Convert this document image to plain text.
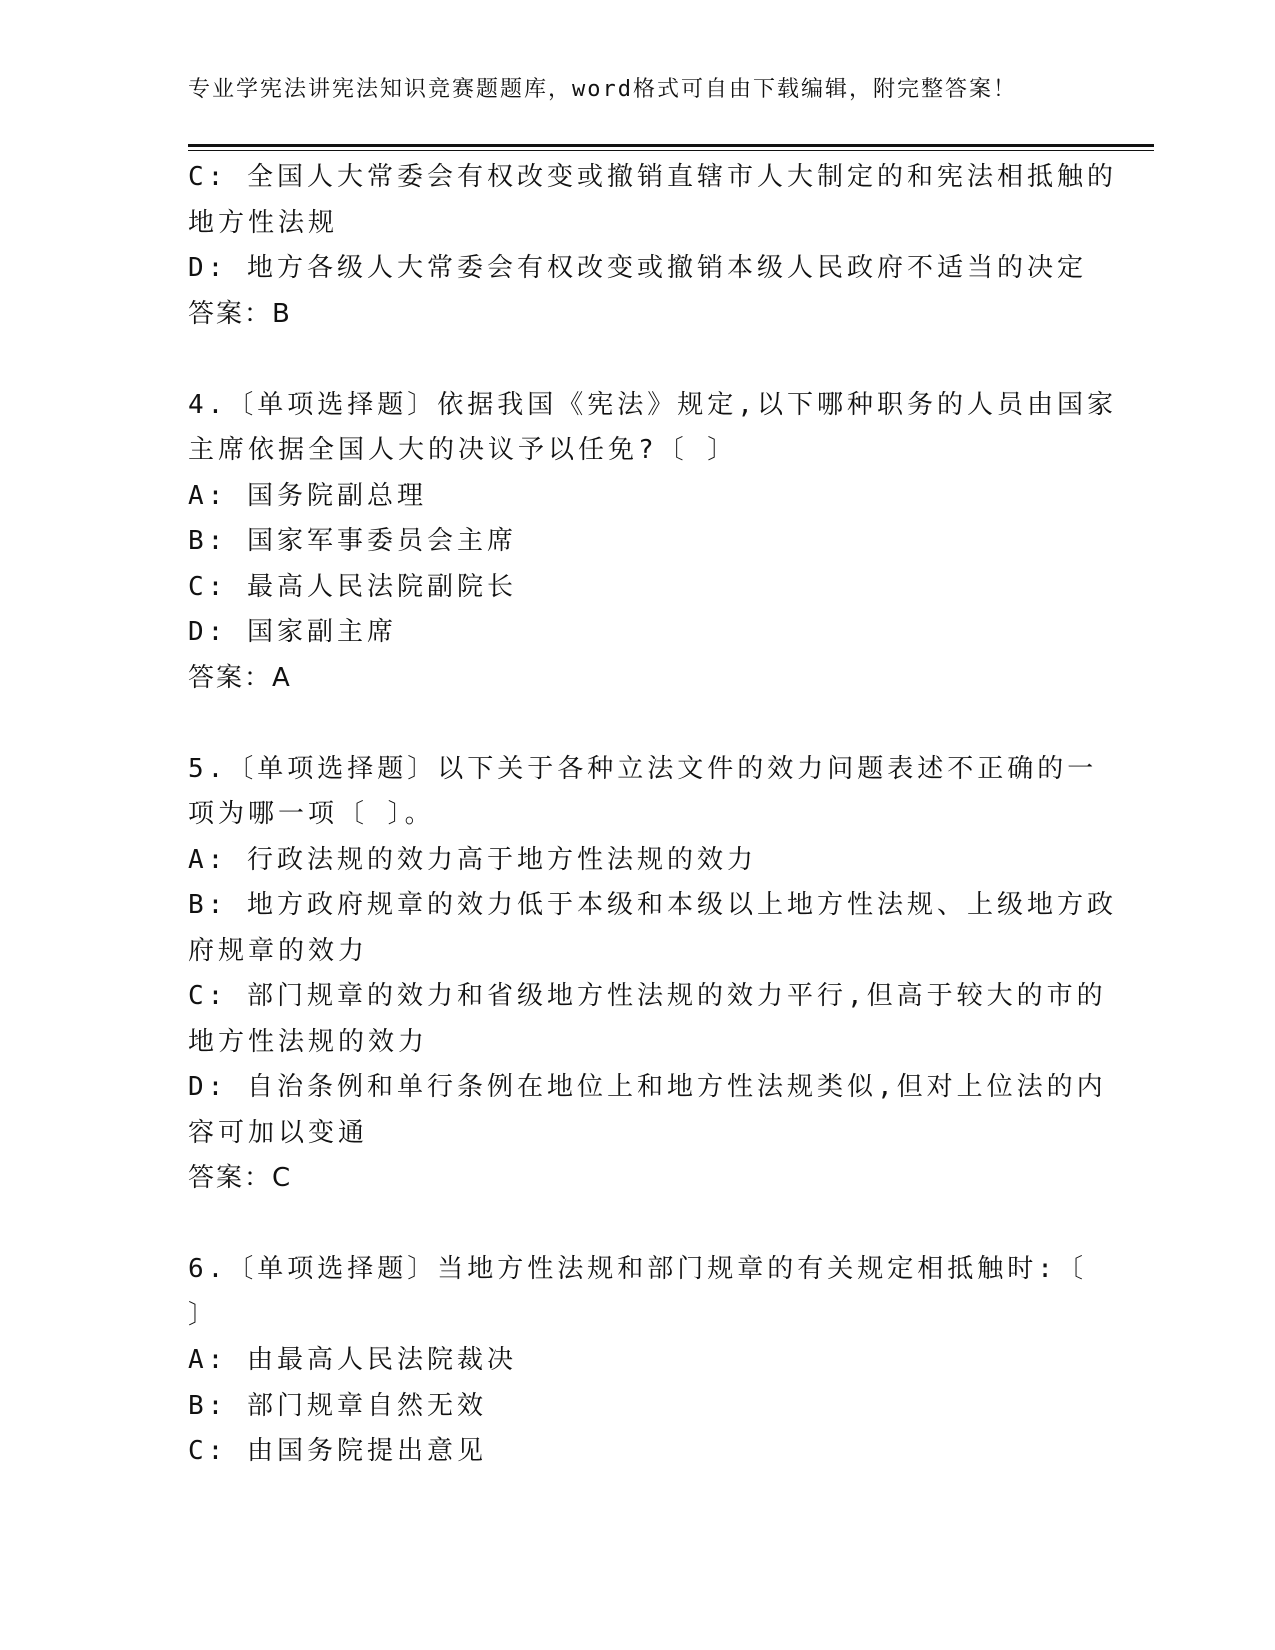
专业学宪法讲宪法知识竞赛题题库，word格式可自由下载编辑，附完整答案！
C: 全国人大常委会有权改变或撤销直辖市人大制定的和宪法相抵触的
地方性法规
D: 地方各级人大常委会有权改变或撤销本级人民政府不适当的决定
答案：B
4.〔单项选择题〕依据我国《宪法》规定,以下哪种职务的人员由国家
主席依据全国人大的决议予以任免?〔 〕
A: 国务院副总理
B: 国家军事委员会主席
C: 最高人民法院副院长
D: 国家副主席
答案：A
5.〔单项选择题〕以下关于各种立法文件的效力问题表述不正确的一
项为哪一项〔 〕。
A: 行政法规的效力高于地方性法规的效力
B: 地方政府规章的效力低于本级和本级以上地方性法规、上级地方政
府规章的效力
C: 部门规章的效力和省级地方性法规的效力平行,但高于较大的市的
地方性法规的效力
D: 自治条例和单行条例在地位上和地方性法规类似,但对上位法的内
容可加以变通
答案：C
6.〔单项选择题〕当地方性法规和部门规章的有关规定相抵触时:〔
〕
A: 由最高人民法院裁决
B: 部门规章自然无效
C: 由国务院提出意见
